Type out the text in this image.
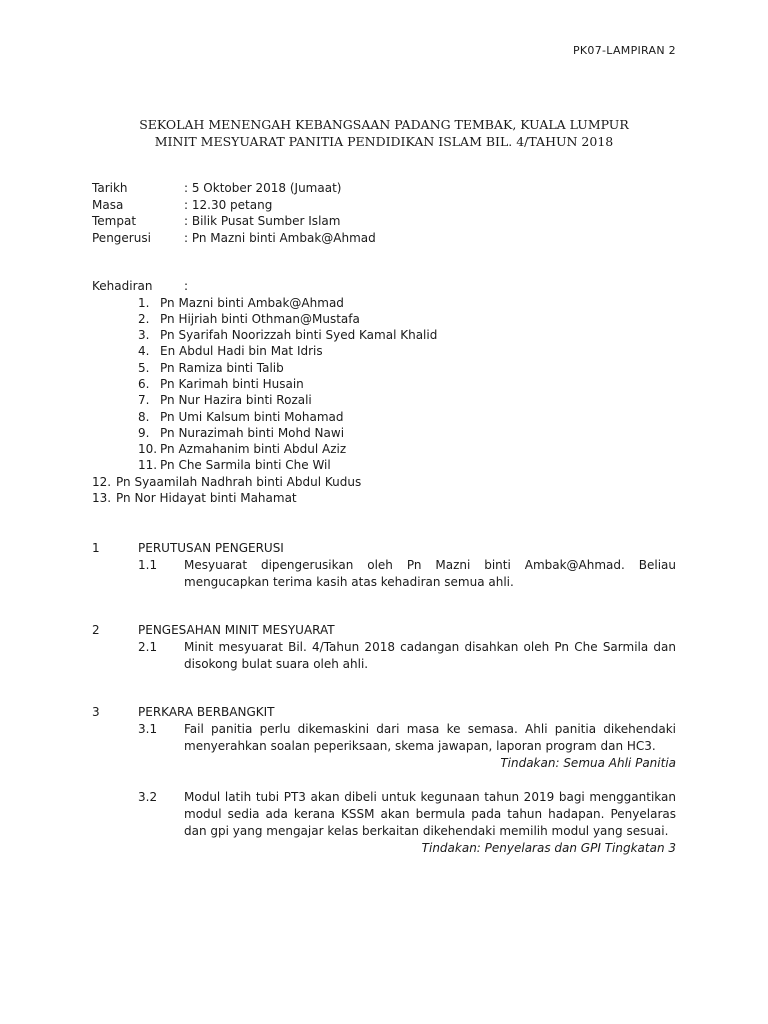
PK07-LAMPIRAN 2
SEKOLAH MENENGAH KEBANGSAAN PADANG TEMBAK, KUALA LUMPUR
MINIT MESYUARAT PANITIA PENDIDIKAN ISLAM BIL. 4/TAHUN 2018
Tarikh	: 5 Oktober 2018 (Jumaat)
Masa	: 12.30 petang
Tempat	: Bilik Pusat Sumber Islam
Pengerusi	: Pn Mazni binti Ambak@Ahmad
Kehadiran	:
1. Pn Mazni binti Ambak@Ahmad
2. Pn Hijriah binti Othman@Mustafa
3. Pn Syarifah Noorizzah binti Syed Kamal Khalid
4. En Abdul Hadi bin Mat Idris
5. Pn Ramiza binti Talib
6. Pn Karimah binti Husain
7. Pn Nur Hazira binti Rozali
8. Pn Umi Kalsum binti Mohamad
9. Pn Nurazimah binti Mohd Nawi
10. Pn Azmahanim binti Abdul Aziz
11. Pn Che Sarmila binti Che Wil
12. Pn Syaamilah Nadhrah binti Abdul Kudus
13. Pn Nor Hidayat binti Mahamat
1	PERUTUSAN PENGERUSI
1.1 Mesyuarat dipengerusikan oleh Pn Mazni binti Ambak@Ahmad. Beliau mengucapkan terima kasih atas kehadiran semua ahli.
2	PENGESAHAN MINIT MESYUARAT
2.1 Minit mesyuarat Bil. 4/Tahun 2018 cadangan disahkan oleh Pn Che Sarmila dan disokong bulat suara oleh ahli.
3	PERKARA BERBANGKIT
3.1 Fail panitia perlu dikemaskini dari masa ke semasa. Ahli panitia dikehendaki menyerahkan soalan peperiksaan, skema jawapan, laporan program dan HC3.
Tindakan: Semua Ahli Panitia
3.2 Modul latih tubi PT3 akan dibeli untuk kegunaan tahun 2019 bagi menggantikan modul sedia ada kerana KSSM akan bermula pada tahun hadapan. Penyelaras dan gpi yang mengajar kelas berkaitan dikehendaki memilih modul yang sesuai.
Tindakan: Penyelaras dan GPI Tingkatan 3
